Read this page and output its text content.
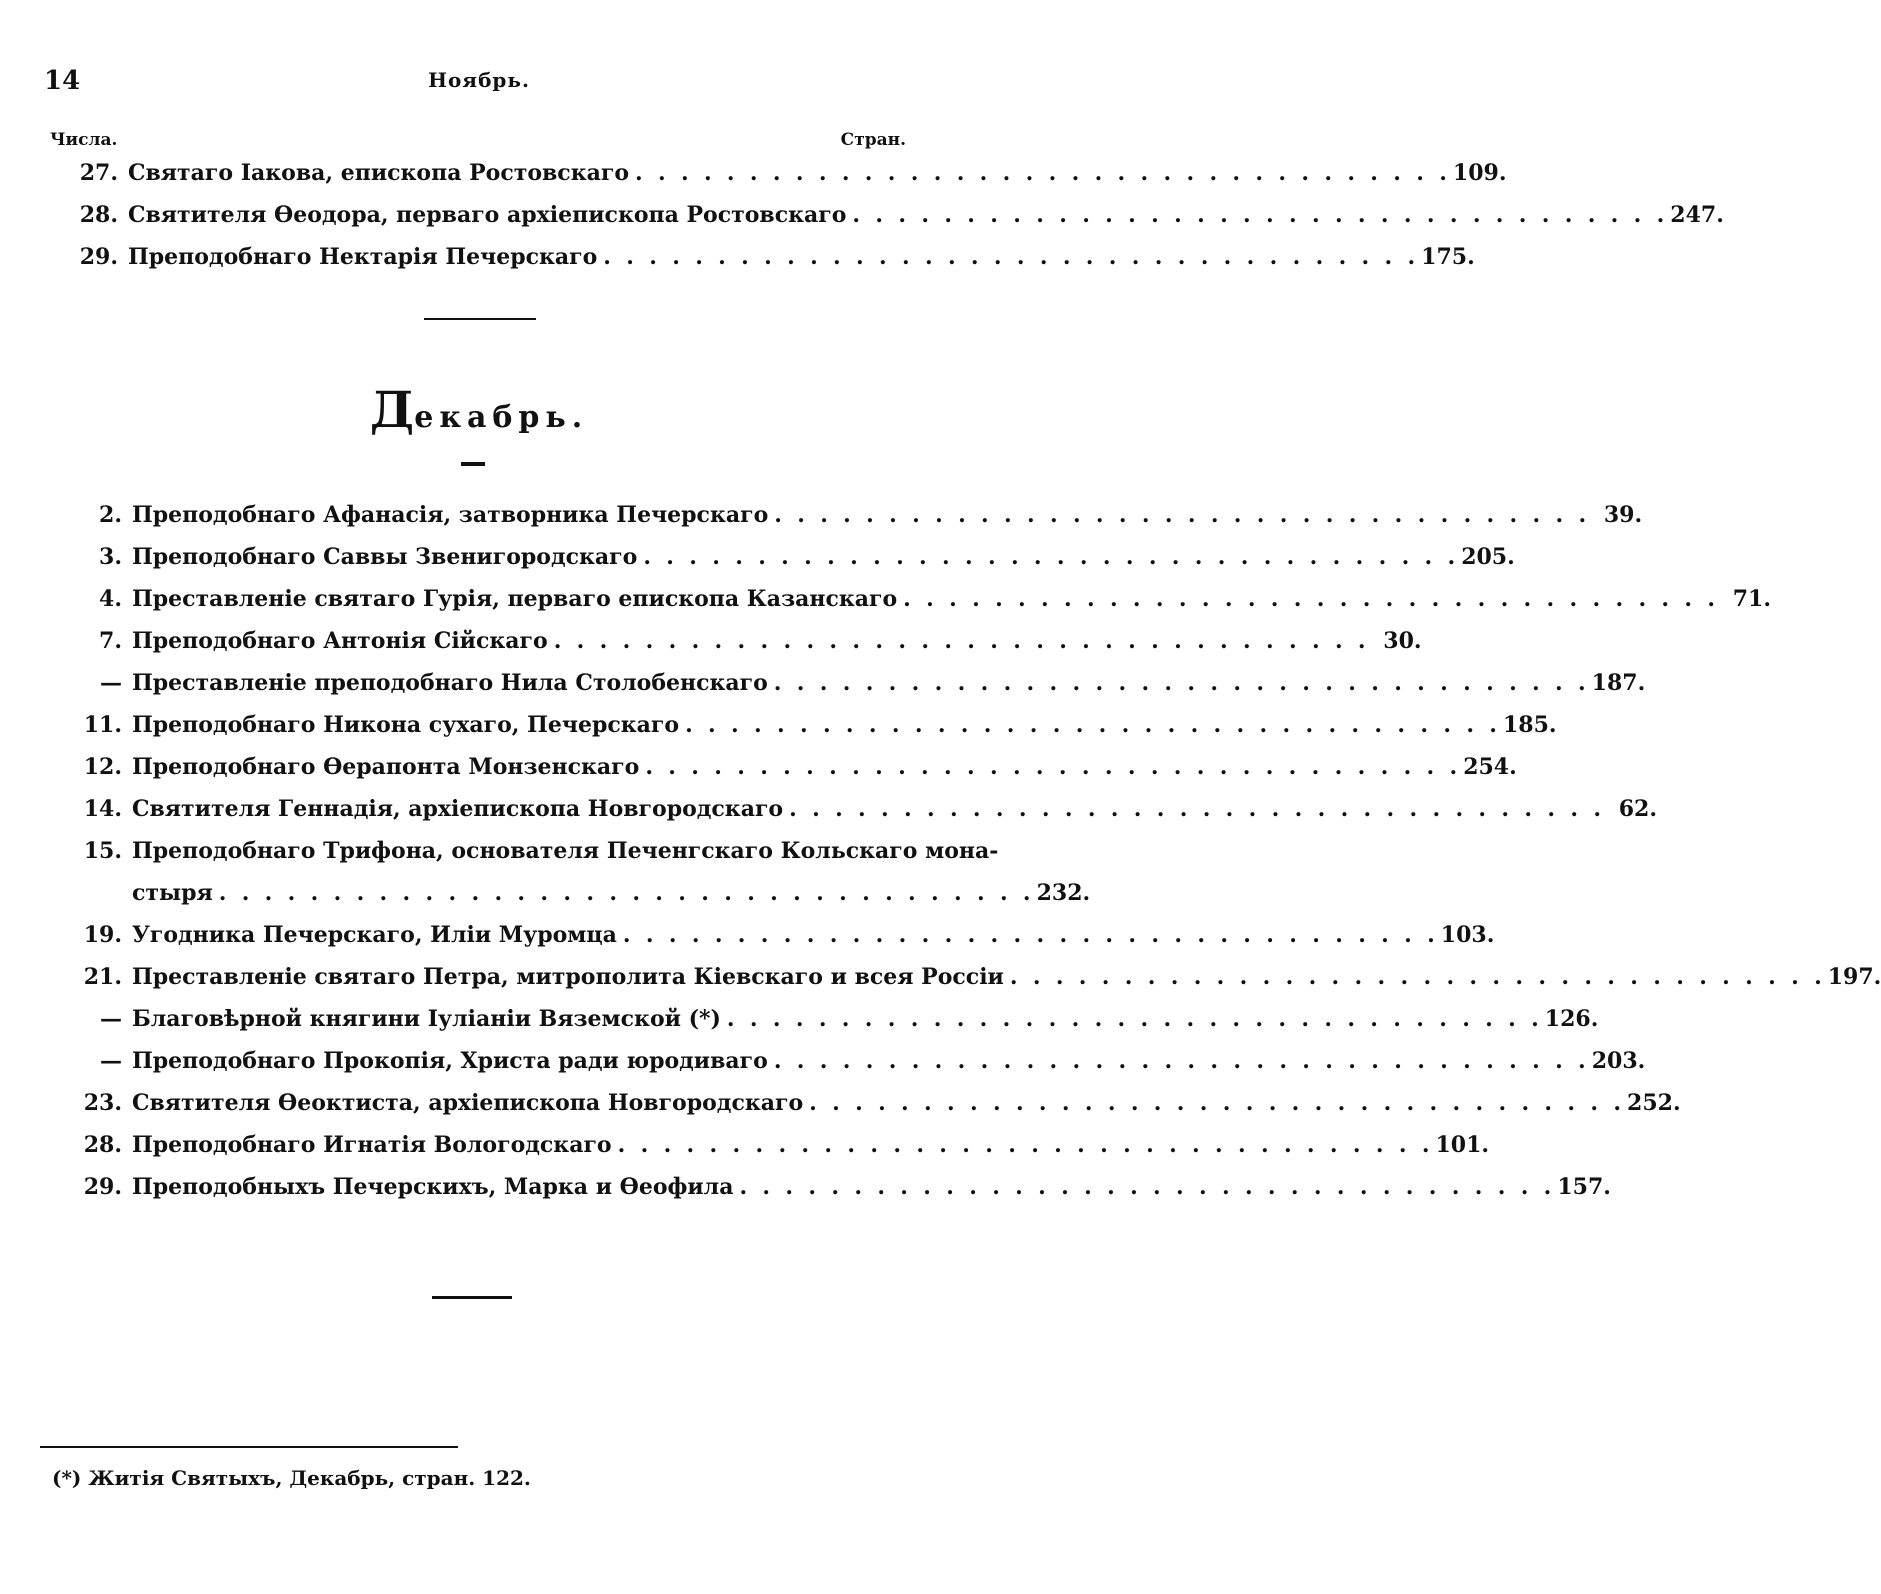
14	Ноябрь.
Числа.	Стран.
27. Святаго Іакова, епископа Ростовскаго . .	109.
28. Святителя Өеодора, перваго архіепископа Ростовскаго . .	247.
29. Преподобнаго Нектарія Печерскаго . .	175.
Декабрь.
2. Преподобнаго Афанасія, затворника Печерскаго . .	39.
3. Преподобнаго Саввы Звенигородскаго . .	205.
4. Преставленіе святаго Гурія, перваго епископа Казанскаго . .	71.
7. Преподобнаго Антонія Сійскаго . .	30.
— Преставленіе преподобнаго Нила Столобенскаго . .	187.
11. Преподобнаго Никона сухаго, Печерскаго . .	185.
12. Преподобнаго Өерапонта Монзенскаго . .	254.
14. Святителя Геннадія, архіепископа Новгородскаго . .	62.
15. Преподобнаго Трифона, основателя Печенгскаго Кольскаго мона-
стыря . .	232.
19. Угодника Печерскаго, Иліи Муромца . .	103.
21. Преставленіе святаго Петра, митрополита Кіевскаго и всея Россіи . .	197.
— Благовѣрной княгини Іуліаніи Вяземской (*) . .	126.
— Преподобнаго Прокопія, Христа ради юродиваго . .	203.
23. Святителя Өеоктиста, архіепископа Новгородскаго . .	252.
28. Преподобнаго Игнатія Вологодскаго . .	101.
29. Преподобныхъ Печерскихъ, Марка и Өеофила . .	157.
(*) Житія Святыхъ, Декабрь, стран. 122.
